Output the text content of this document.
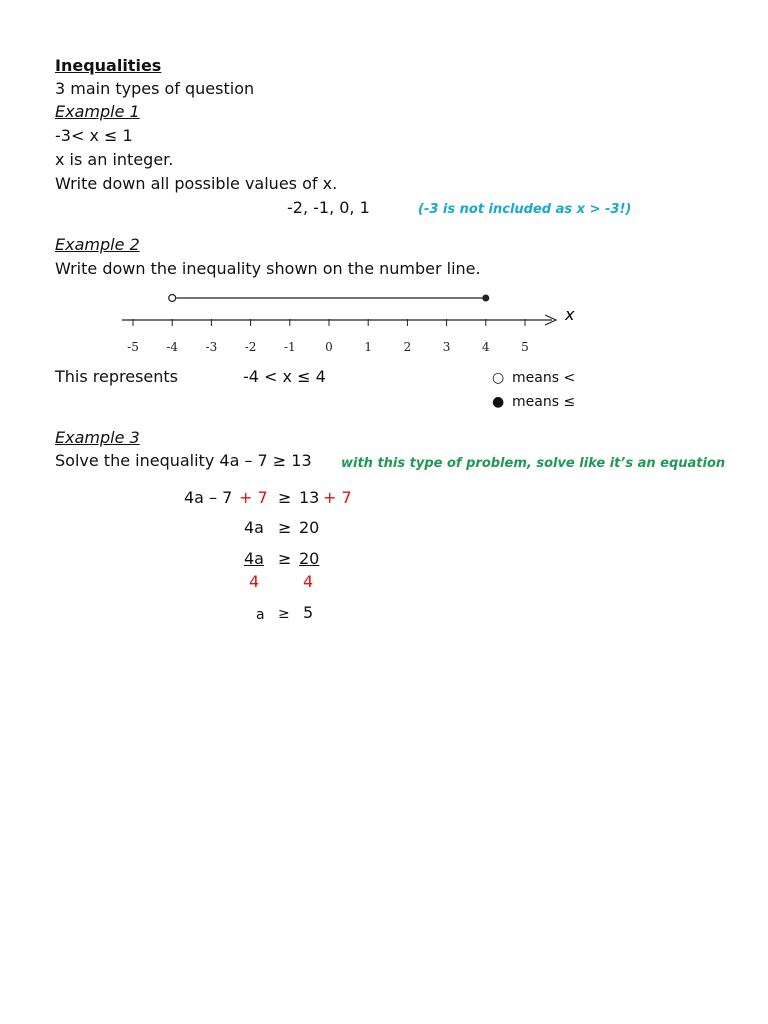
Inequalities
3 main types of question
Example 1
-3< x ≤ 1
x is an integer.
Write down all possible values of x.
-2, -1, 0, 1	(-3 is not included as x > -3!)
Example 2
Write down the inequality shown on the number line.
-5 -4 -3 -2 -1 0	1	2	3	4	5
x
This represents	-4 < x ≤ 4	○ means <
● means ≤
Example 3
Solve the inequality 4a – 7 ≥ 13 with this type of problem, solve like it’s an equation
4a – 7 + 7 ≥ 13 + 7
4a ≥ 20
4a ≥ 20
4	4
a ≥ 5
